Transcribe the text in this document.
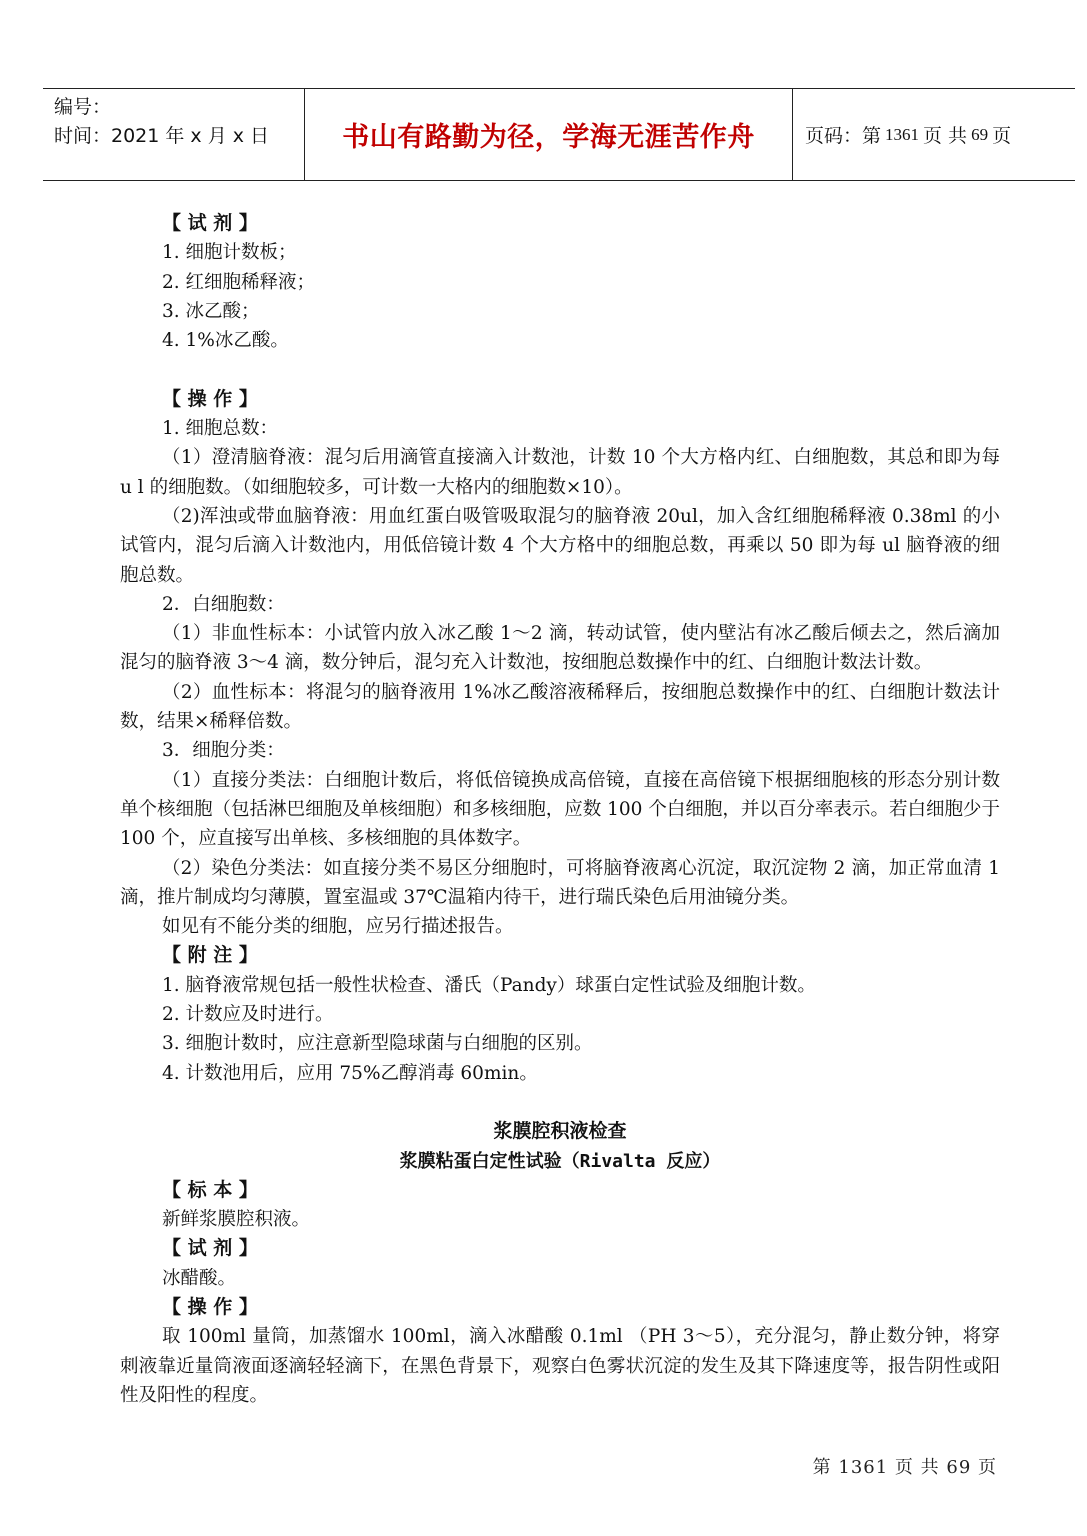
编号：
时间：2021 年 x 月 x 日	书山有路勤为径，学海无涯苦作舟	页码：第 1361 页 共 69 页
【 试 剂 】
1. 细胞计数板；
2. 红细胞稀释液；
3. 冰乙酸；
4. 1%冰乙酸。
【 操 作 】
1. 细胞总数：
（1）澄清脑脊液：混匀后用滴管直接滴入计数池，计数 10 个大方格内红、白细胞数，其总和即为每 u l 的细胞数。（如细胞较多，可计数一大格内的细胞数×10）。
（2)浑浊或带血脑脊液：用血红蛋白吸管吸取混匀的脑脊液 20ul，加入含红细胞稀释液 0.38ml 的小试管内，混匀后滴入计数池内，用低倍镜计数 4 个大方格中的细胞总数，再乘以 50 即为每 ul 脑脊液的细胞总数。
2．白细胞数：
（1）非血性标本：小试管内放入冰乙酸 1～2 滴，转动试管，使内壁沾有冰乙酸后倾去之，然后滴加混匀的脑脊液 3～4 滴，数分钟后，混匀充入计数池，按细胞总数操作中的红、白细胞计数法计数。
（2）血性标本：将混匀的脑脊液用 1%冰乙酸溶液稀释后，按细胞总数操作中的红、白细胞计数法计数，结果×稀释倍数。
3．细胞分类：
（1）直接分类法：白细胞计数后，将低倍镜换成高倍镜，直接在高倍镜下根据细胞核的形态分别计数单个核细胞（包括淋巴细胞及单核细胞）和多核细胞，应数 100 个白细胞，并以百分率表示。若白细胞少于 100 个，应直接写出单核、多核细胞的具体数字。
（2）染色分类法：如直接分类不易区分细胞时，可将脑脊液离心沉淀，取沉淀物 2 滴，加正常血清 1 滴，推片制成均匀薄膜，置室温或 37℃温箱内待干，进行瑞氏染色后用油镜分类。
如见有不能分类的细胞，应另行描述报告。
【 附 注 】
1. 脑脊液常规包括一般性状检查、潘氏（Pandy）球蛋白定性试验及细胞计数。
2. 计数应及时进行。
3. 细胞计数时，应注意新型隐球菌与白细胞的区别。
4. 计数池用后，应用 75%乙醇消毒 60min。
浆膜腔积液检查
浆膜粘蛋白定性试验（Rivalta 反应）
【 标 本 】
新鲜浆膜腔积液。
【 试 剂 】
冰醋酸。
【 操 作 】
取 100ml 量筒，加蒸馏水 100ml，滴入冰醋酸 0.1ml （PH 3～5），充分混匀，静止数分钟，将穿刺液靠近量筒液面逐滴轻轻滴下，在黑色背景下，观察白色雾状沉淀的发生及其下降速度等，报告阴性或阳性及阳性的程度。
第 1361 页 共 69 页
